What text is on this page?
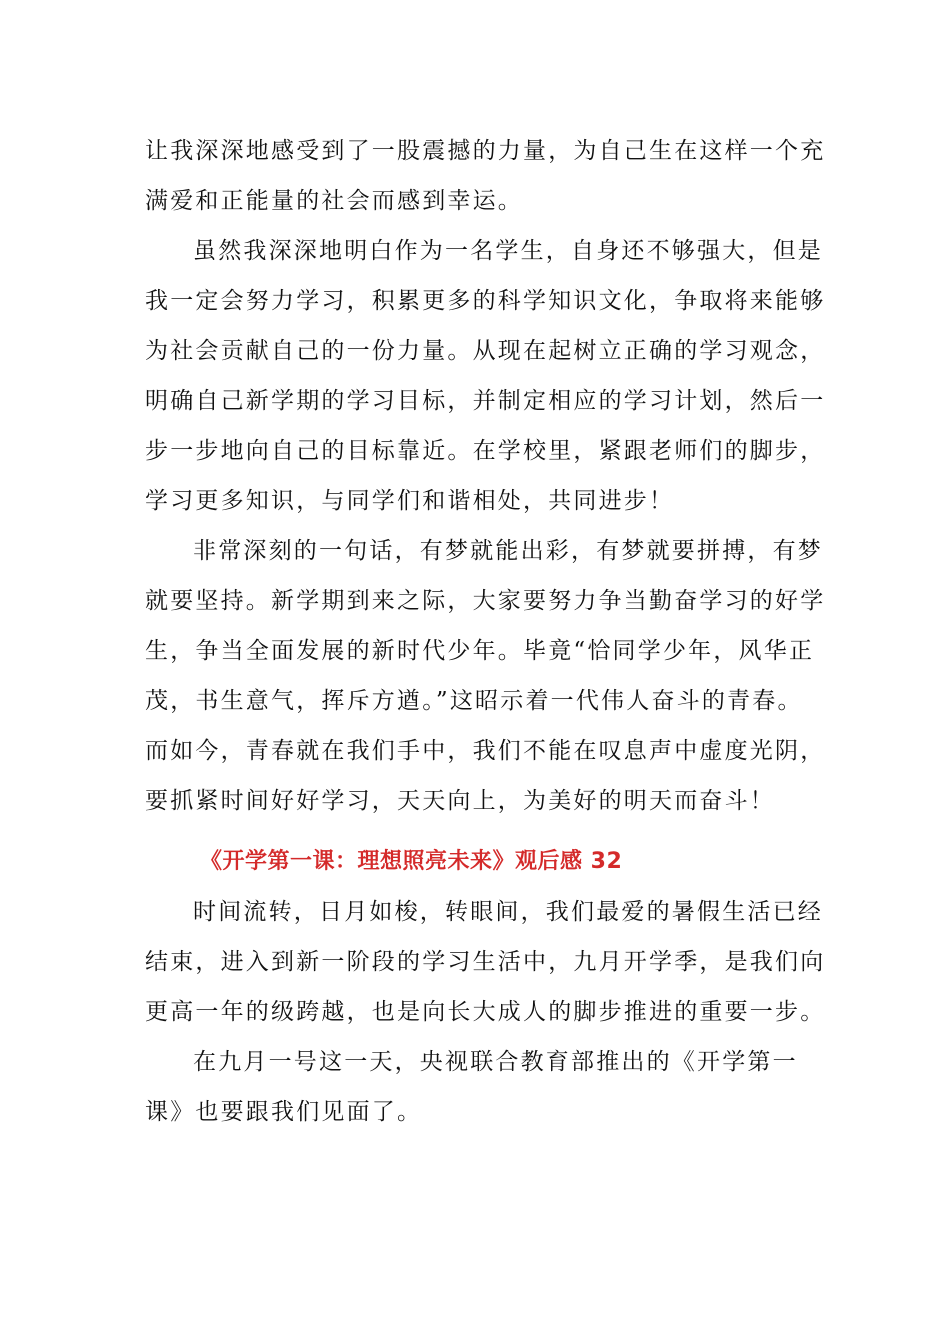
让我深深地感受到了一股震撼的力量，为自己生在这样一个充
满爱和正能量的社会而感到幸运。
虽然我深深地明白作为一名学生，自身还不够强大，但是
我一定会努力学习，积累更多的科学知识文化，争取将来能够
为社会贡献自己的一份力量。从现在起树立正确的学习观念，
明确自己新学期的学习目标，并制定相应的学习计划，然后一
步一步地向自己的目标靠近。在学校里，紧跟老师们的脚步，
学习更多知识，与同学们和谐相处，共同进步！
非常深刻的一句话，有梦就能出彩，有梦就要拼搏，有梦
就要坚持。新学期到来之际，大家要努力争当勤奋学习的好学
生，争当全面发展的新时代少年。毕竟“恰同学少年，风华正
茂，书生意气，挥斥方遒。”这昭示着一代伟人奋斗的青春。
而如今，青春就在我们手中，我们不能在叹息声中虚度光阴，
要抓紧时间好好学习，天天向上，为美好的明天而奋斗！
《开学第一课：理想照亮未来》观后感 32
时间流转，日月如梭，转眼间，我们最爱的暑假生活已经
结束，进入到新一阶段的学习生活中，九月开学季，是我们向
更高一年的级跨越，也是向长大成人的脚步推进的重要一步。
在九月一号这一天，央视联合教育部推出的《开学第一
课》也要跟我们见面了。
